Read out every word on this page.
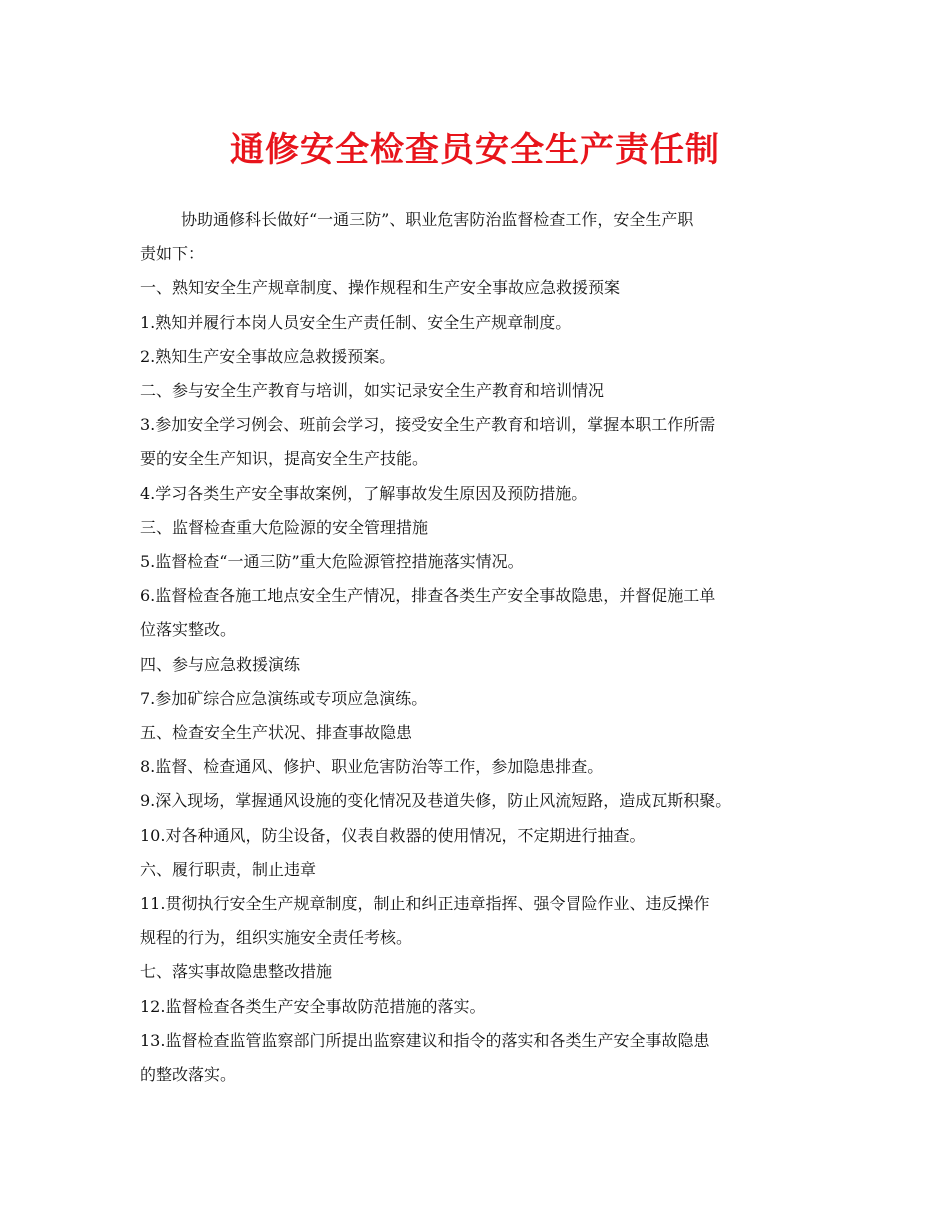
通修安全检查员安全生产责任制

协助通修科长做好“一通三防”、职业危害防治监督检查工作，安全生产职

责如下：

一、熟知安全生产规章制度、操作规程和生产安全事故应急救援预案

1.熟知并履行本岗人员安全生产责任制、安全生产规章制度。

2.熟知生产安全事故应急救援预案。

二、参与安全生产教育与培训，如实记录安全生产教育和培训情况

3.参加安全学习例会、班前会学习，接受安全生产教育和培训，掌握本职工作所需

要的安全生产知识，提高安全生产技能。

4.学习各类生产安全事故案例，了解事故发生原因及预防措施。

三、监督检查重大危险源的安全管理措施

5.监督检查“一通三防”重大危险源管控措施落实情况。

6.监督检查各施工地点安全生产情况，排查各类生产安全事故隐患，并督促施工单

位落实整改。

四、参与应急救援演练

7.参加矿综合应急演练或专项应急演练。

五、检查安全生产状况、排查事故隐患

8.监督、检查通风、修护、职业危害防治等工作，参加隐患排查。

9.深入现场，掌握通风设施的变化情况及巷道失修，防止风流短路，造成瓦斯积聚。

10.对各种通风，防尘设备，仪表自救器的使用情况，不定期进行抽查。

六、履行职责，制止违章

11.贯彻执行安全生产规章制度，制止和纠正违章指挥、强令冒险作业、违反操作

规程的行为，组织实施安全责任考核。

七、落实事故隐患整改措施

12.监督检查各类生产安全事故防范措施的落实。

13.监督检查监管监察部门所提出监察建议和指令的落实和各类生产安全事故隐患

的整改落实。
